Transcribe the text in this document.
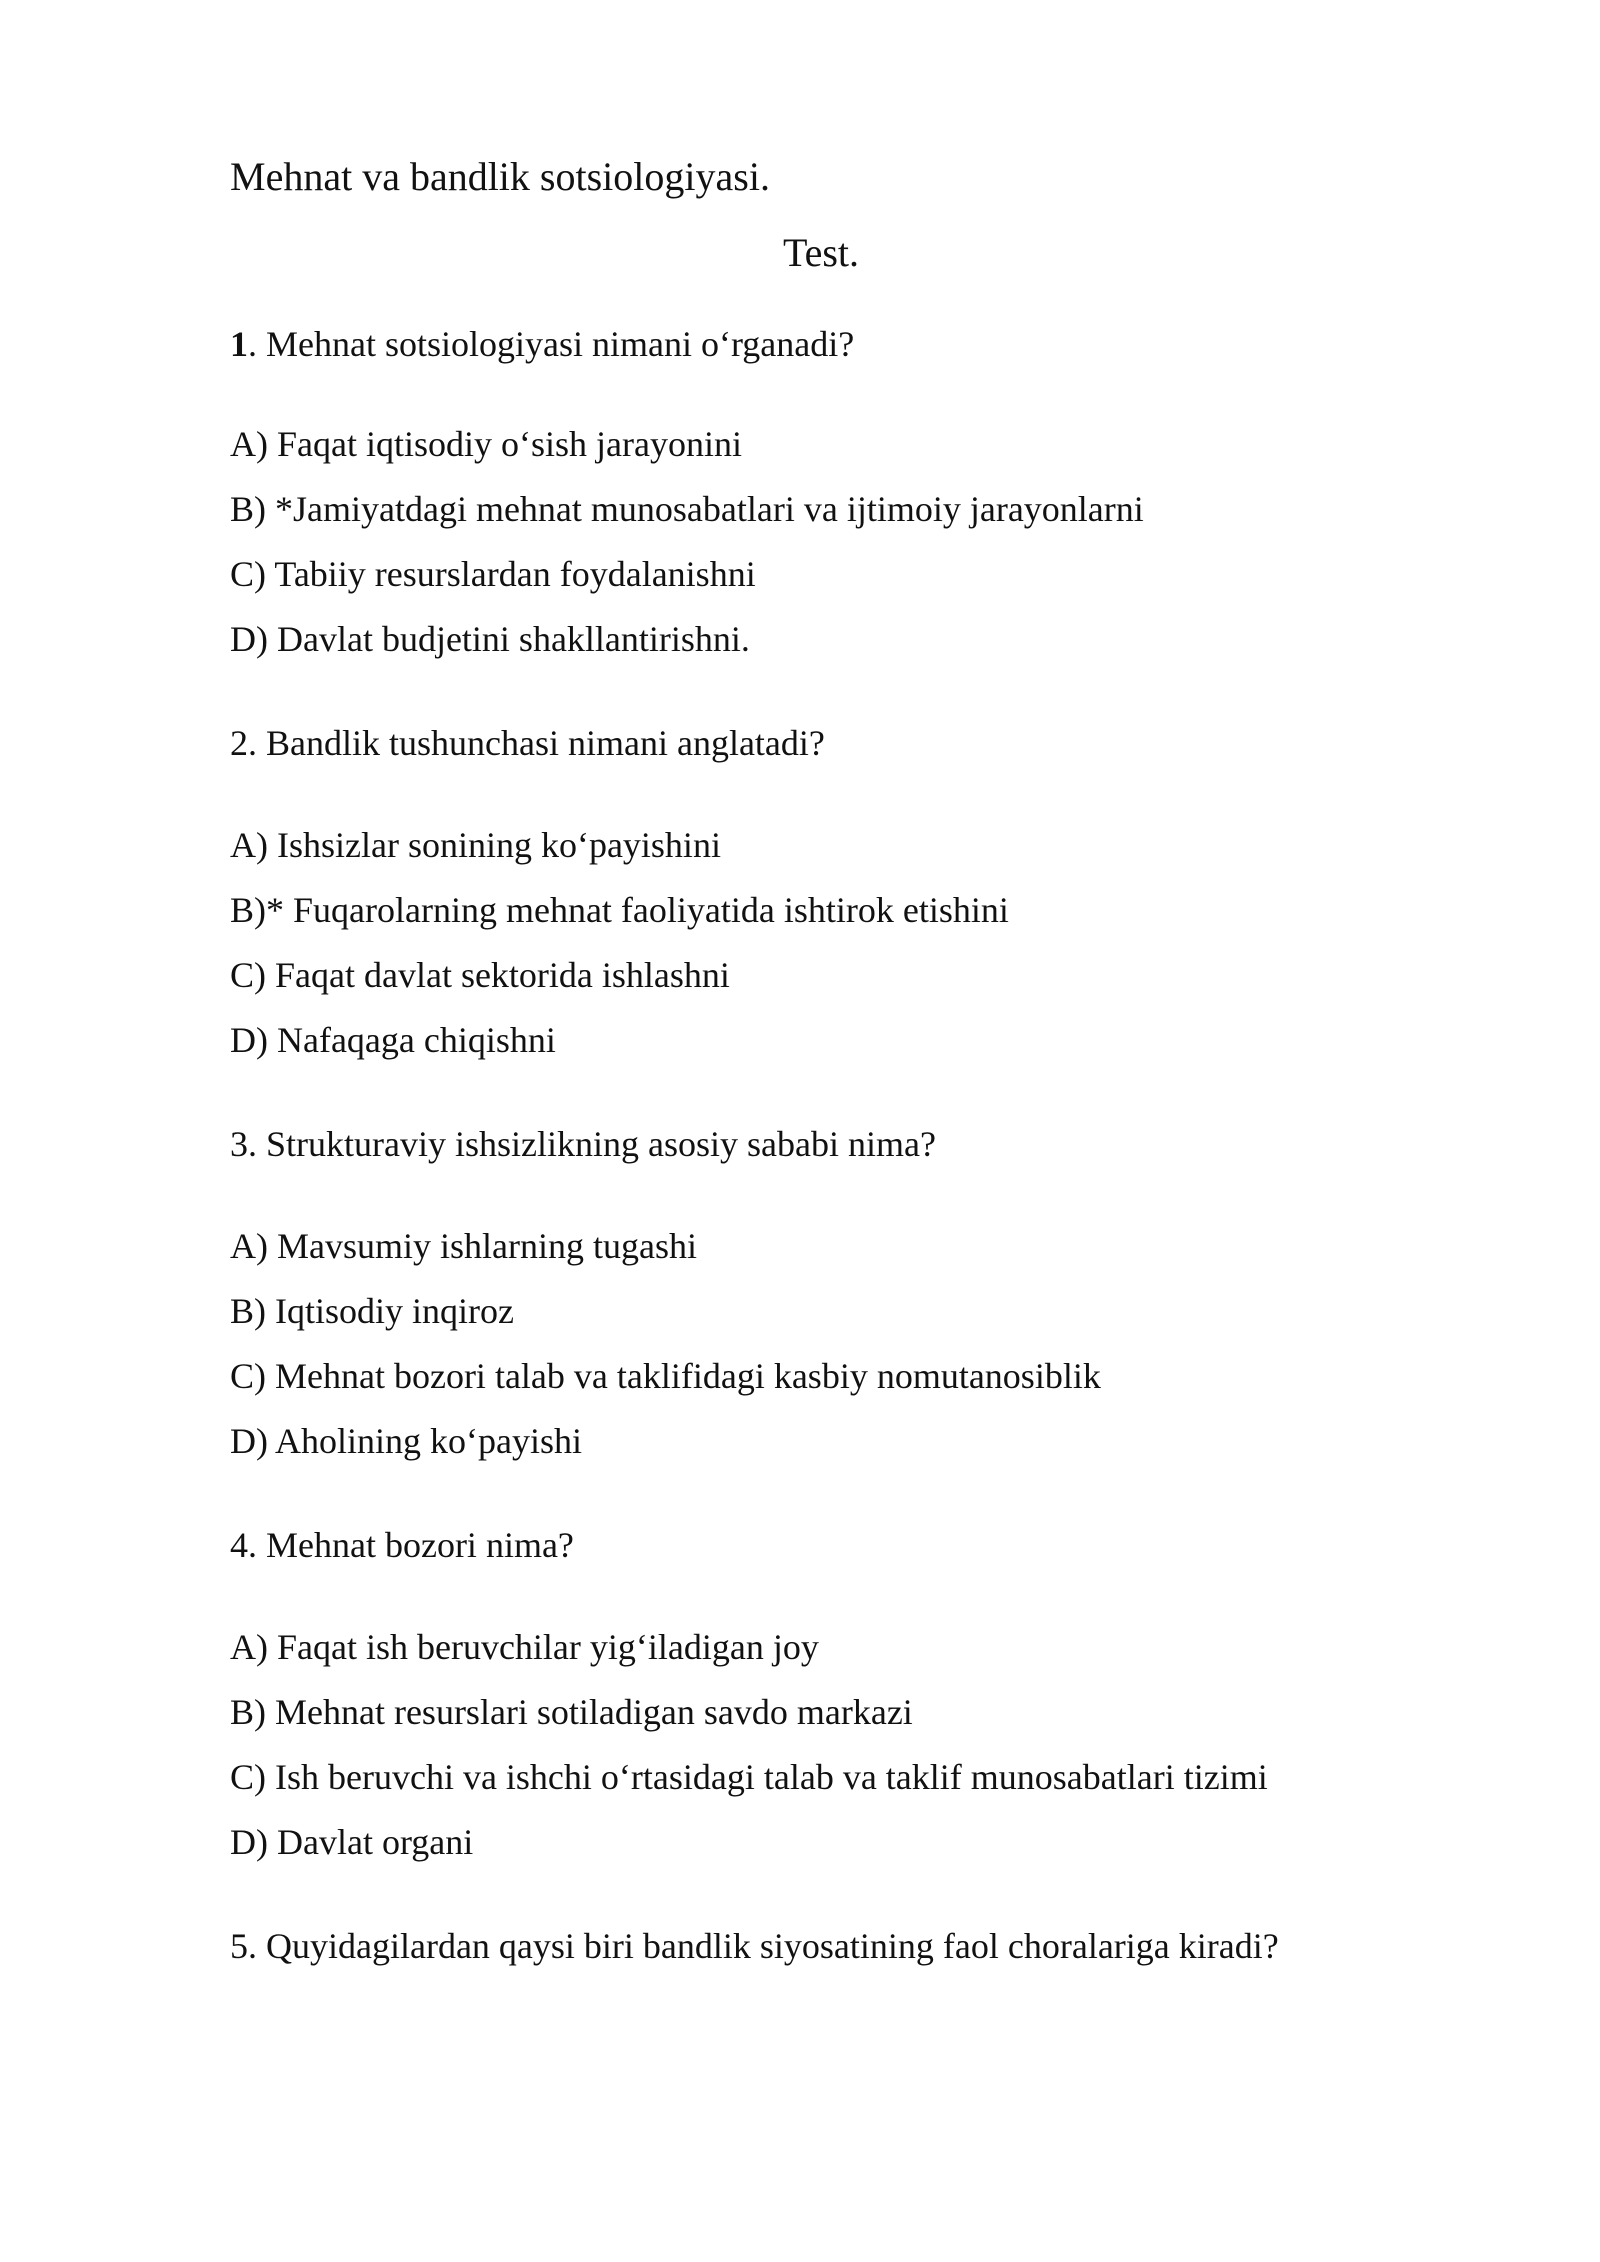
Mehnat va bandlik sotsiologiyasi.
Test.
1. Mehnat sotsiologiyasi nimani o‘rganadi?
A) Faqat iqtisodiy o‘sish jarayonini
B) *Jamiyatdagi mehnat munosabatlari va ijtimoiy jarayonlarni
C) Tabiiy resurslardan foydalanishni
D) Davlat budjetini shakllantirishni.
2. Bandlik tushunchasi nimani anglatadi?
A) Ishsizlar sonining ko‘payishini
B)* Fuqarolarning mehnat faoliyatida ishtirok etishini
C) Faqat davlat sektorida ishlashni
D) Nafaqaga chiqishni
3. Strukturaviy ishsizlikning asosiy sababi nima?
A) Mavsumiy ishlarning tugashi
B) Iqtisodiy inqiroz
C) Mehnat bozori talab va taklifidagi kasbiy nomutanosiblik
D) Aholining ko‘payishi
4. Mehnat bozori nima?
A) Faqat ish beruvchilar yig‘iladigan joy
B) Mehnat resurslari sotiladigan savdo markazi
C) Ish beruvchi va ishchi o‘rtasidagi talab va taklif munosabatlari tizimi
D) Davlat organi
5. Quyidagilardan qaysi biri bandlik siyosatining faol choralariga kiradi?
